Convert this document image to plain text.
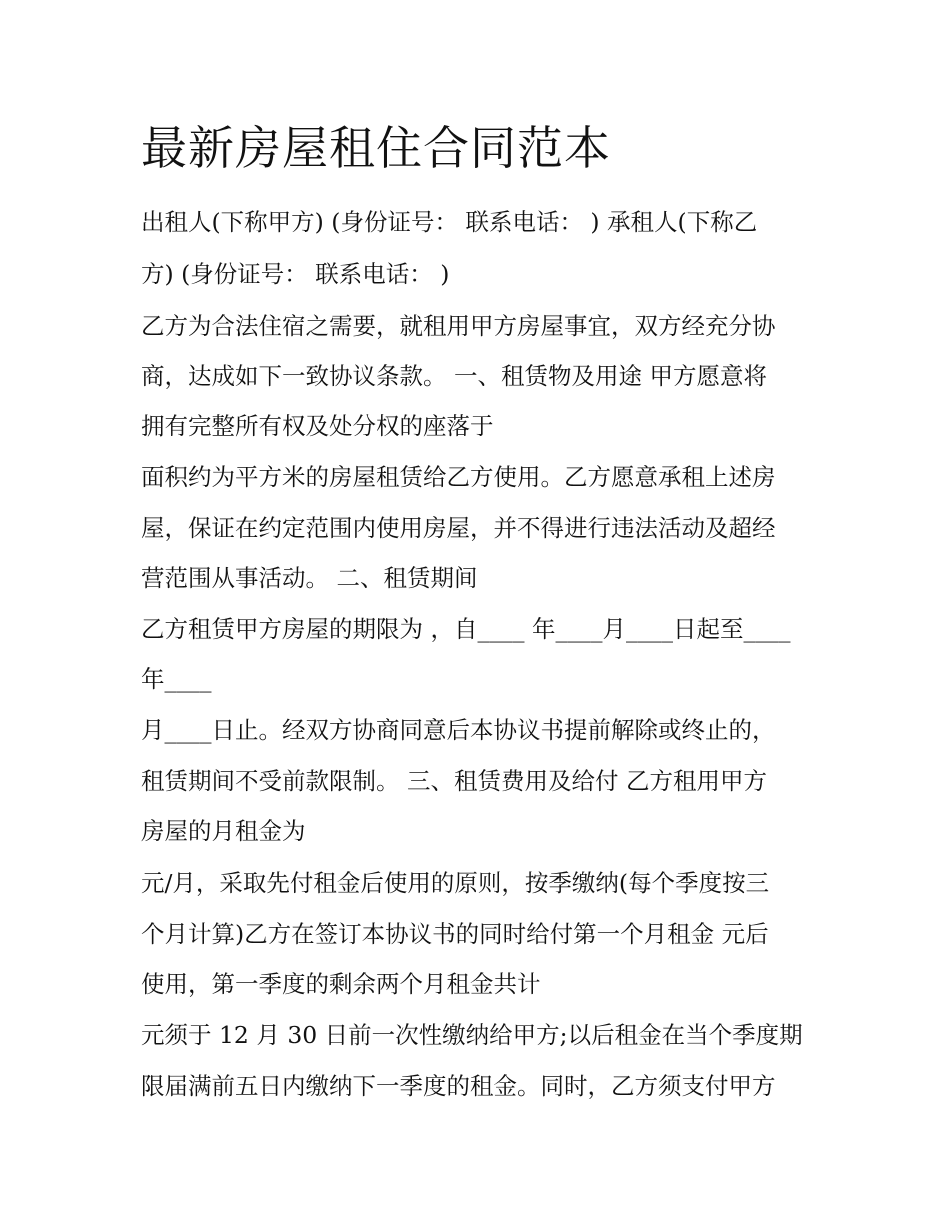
最新房屋租住合同范本
出租人(下称甲方) (身份证号： 联系电话： ) 承租人(下称乙
方) (身份证号： 联系电话： )
乙方为合法住宿之需要，就租用甲方房屋事宜，双方经充分协
商，达成如下一致协议条款。 一、租赁物及用途 甲方愿意将
拥有完整所有权及处分权的座落于
面积约为平方米的房屋租赁给乙方使用。乙方愿意承租上述房
屋，保证在约定范围内使用房屋，并不得进行违法活动及超经
营范围从事活动。 二、租赁期间
乙方租赁甲方房屋的期限为 ，自____ 年____月____日起至____
年____
月____日止。经双方协商同意后本协议书提前解除或终止的，
租赁期间不受前款限制。 三、租赁费用及给付 乙方租用甲方
房屋的月租金为
元/月，采取先付租金后使用的原则，按季缴纳(每个季度按三
个月计算)乙方在签订本协议书的同时给付第一个月租金 元后
使用，第一季度的剩余两个月租金共计
元须于 12 月 30 日前一次性缴纳给甲方;以后租金在当个季度期
限届满前五日内缴纳下一季度的租金。同时，乙方须支付甲方
